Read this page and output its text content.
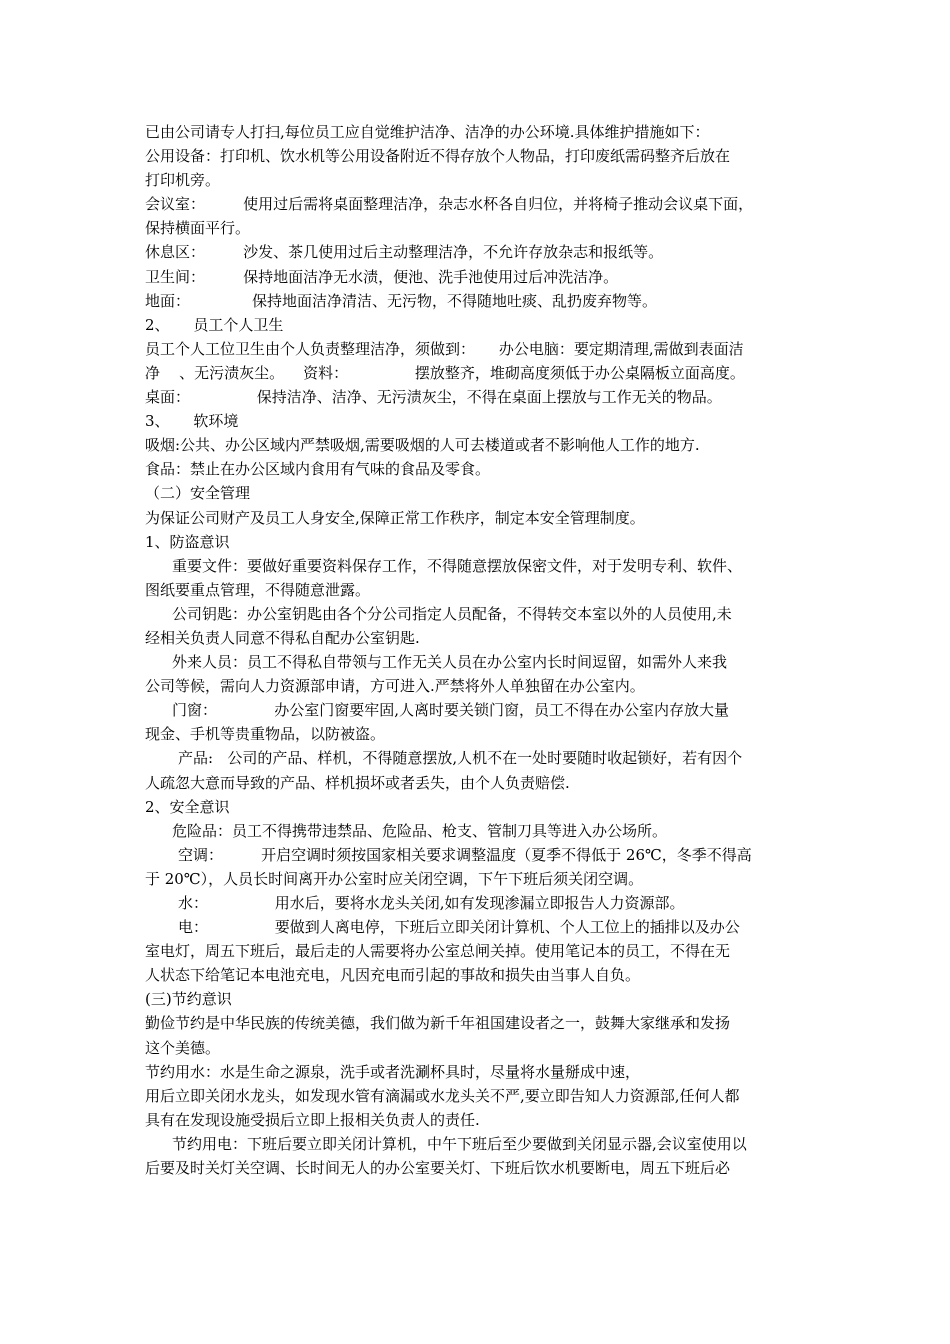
已由公司请专人打扫,每位员工应自觉维护洁净、洁净的办公环境.具体维护措施如下：
公用设备：打印机、饮水机等公用设备附近不得存放个人物品，打印废纸需码整齐后放在
打印机旁。
会议室：        使用过后需将桌面整理洁净，杂志水杯各自归位，并将椅子推动会议桌下面，
保持横面平行。
休息区：        沙发、茶几使用过后主动整理洁净，不允许存放杂志和报纸等。
卫生间：        保持地面洁净无水渍，便池、洗手池使用过后冲洗洁净。
地面：             保持地面洁净清洁、无污物，不得随地吐痰、乱扔废弃物等。
2、     员工个人卫生
员工个人工位卫生由个人负责整理洁净，须做到：     办公电脑：要定期清理,需做到表面洁
净    、无污渍灰尘。    资料：              摆放整齐，堆砌高度须低于办公桌隔板立面高度。
桌面：              保持洁净、洁净、无污渍灰尘，不得在桌面上摆放与工作无关的物品。
3、     软环境
吸烟:公共、办公区域内严禁吸烟,需要吸烟的人可去楼道或者不影响他人工作的地方.
食品：禁止在办公区域内食用有气味的食品及零食。
（二）安全管理
为保证公司财产及员工人身安全,保障正常工作秩序，制定本安全管理制度。
1、防盗意识
重要文件：要做好重要资料保存工作，不得随意摆放保密文件，对于发明专利、软件、
图纸要重点管理，不得随意泄露。
公司钥匙：办公室钥匙由各个分公司指定人员配备，不得转交本室以外的人员使用,未
经相关负责人同意不得私自配办公室钥匙.
外来人员：员工不得私自带领与工作无关人员在办公室内长时间逗留，如需外人来我
公司等候，需向人力资源部申请，方可进入.严禁将外人单独留在办公室内。
门窗：            办公室门窗要牢固,人离时要关锁门窗，员工不得在办公室内存放大量
现金、手机等贵重物品，以防被盗。
产品:   公司的产品、样机，不得随意摆放,人机不在一处时要随时收起锁好，若有因个
人疏忽大意而导致的产品、样机损坏或者丢失，由个人负责赔偿.
2、安全意识
危险品：员工不得携带违禁品、危险品、枪支、管制刀具等进入办公场所。
空调：        开启空调时须按国家相关要求调整温度（夏季不得低于 26℃，冬季不得高
于 20℃），人员长时间离开办公室时应关闭空调，下午下班后须关闭空调。
水：              用水后，要将水龙头关闭,如有发现渗漏立即报告人力资源部。
电：              要做到人离电停，下班后立即关闭计算机、个人工位上的插排以及办公
室电灯，周五下班后，最后走的人需要将办公室总闸关掉。使用笔记本的员工，不得在无
人状态下给笔记本电池充电，凡因充电而引起的事故和损失由当事人自负。
(三)节约意识
勤俭节约是中华民族的传统美德，我们做为新千年祖国建设者之一，鼓舞大家继承和发扬
这个美德。
节约用水：水是生命之源泉，洗手或者洗涮杯具时，尽量将水量掰成中速，
用后立即关闭水龙头，如发现水管有滴漏或水龙头关不严,要立即告知人力资源部,任何人都
具有在发现设施受损后立即上报相关负责人的责任.
节约用电：下班后要立即关闭计算机，中午下班后至少要做到关闭显示器,会议室使用以
后要及时关灯关空调、长时间无人的办公室要关灯、下班后饮水机要断电，周五下班后必
